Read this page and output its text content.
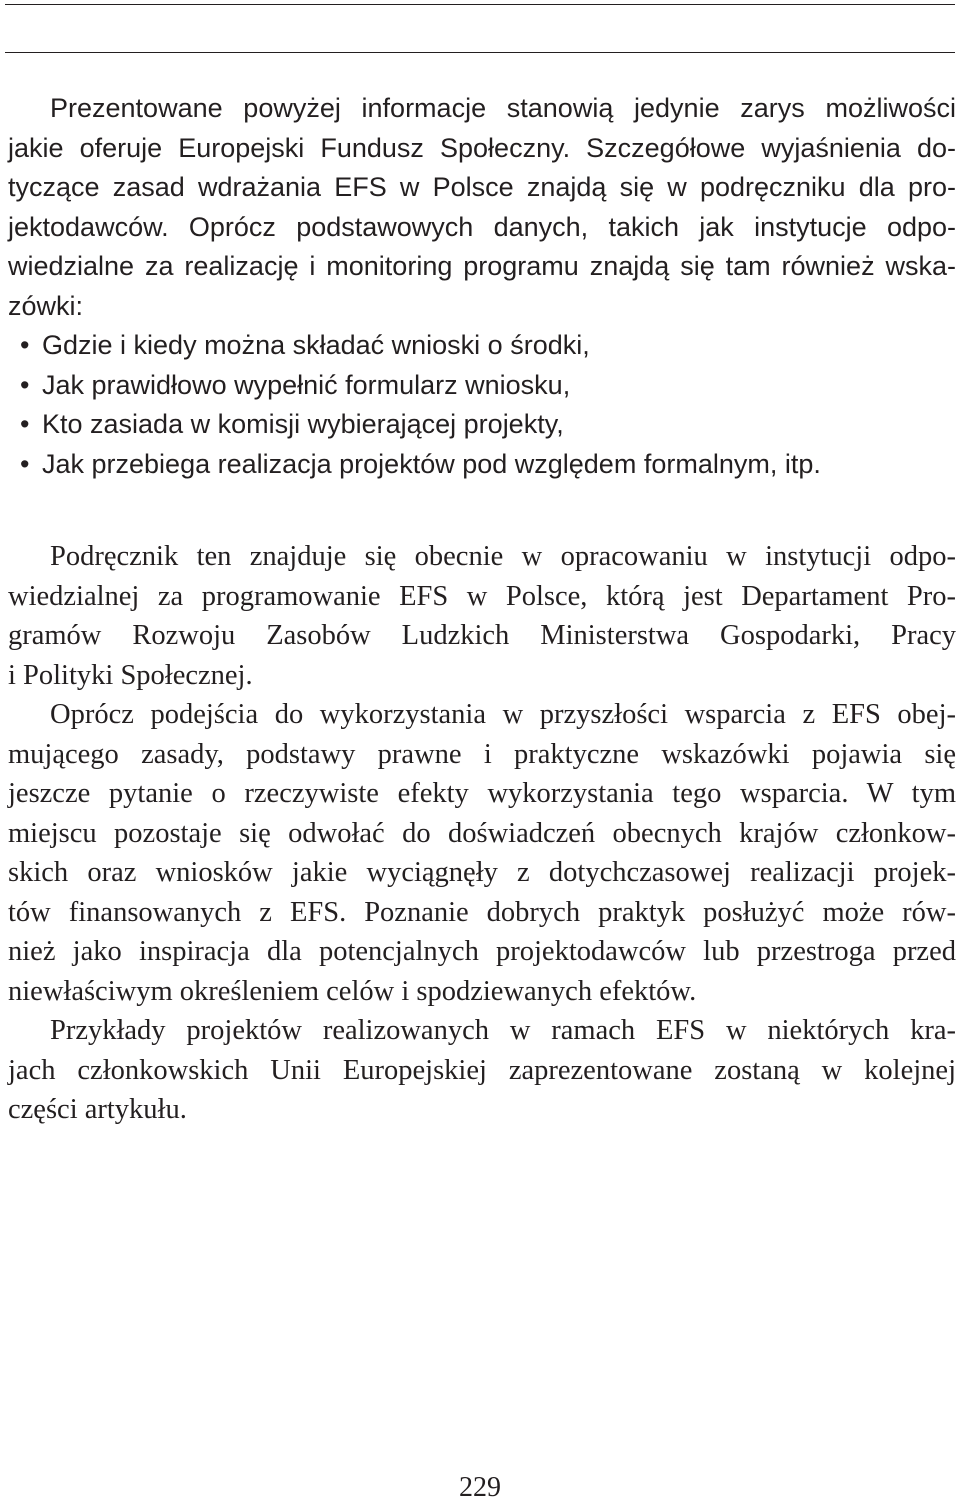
Prezentowane powyżej informacje stanowią jedynie zarys możliwości
jakie oferuje Europejski Fundusz Społeczny. Szczegółowe wyjaśnienia do-
tyczące zasad wdrażania EFS w Polsce znajdą się w podręczniku dla pro-
jektodawców. Oprócz podstawowych danych, takich jak instytucje odpo-
wiedzialne za realizację i monitoring programu znajdą się tam również wska-
zówki:
• Gdzie i kiedy można składać wnioski o środki,
• Jak prawidłowo wypełnić formularz wniosku,
• Kto zasiada w komisji wybierającej projekty,
• Jak przebiega realizacja projektów pod względem formalnym, itp.
Podręcznik ten znajduje się obecnie w opracowaniu w instytucji odpo-
wiedzialnej za programowanie EFS w Polsce, którą jest Departament Pro-
gramów Rozwoju Zasobów Ludzkich Ministerstwa Gospodarki, Pracy
i Polityki Społecznej.
Oprócz podejścia do wykorzystania w przyszłości wsparcia z EFS obej-
mującego zasady, podstawy prawne i praktyczne wskazówki pojawia się
jeszcze pytanie o rzeczywiste efekty wykorzystania tego wsparcia. W tym
miejscu pozostaje się odwołać do doświadczeń obecnych krajów członkow-
skich oraz wniosków jakie wyciągnęły z dotychczasowej realizacji projek-
tów finansowanych z EFS. Poznanie dobrych praktyk posłużyć może rów-
nież jako inspiracja dla potencjalnych projektodawców lub przestroga przed
niewłaściwym określeniem celów i spodziewanych efektów.
Przykłady projektów realizowanych w ramach EFS w niektórych kra-
jach członkowskich Unii Europejskiej zaprezentowane zostaną w kolejnej
części artykułu.
229
